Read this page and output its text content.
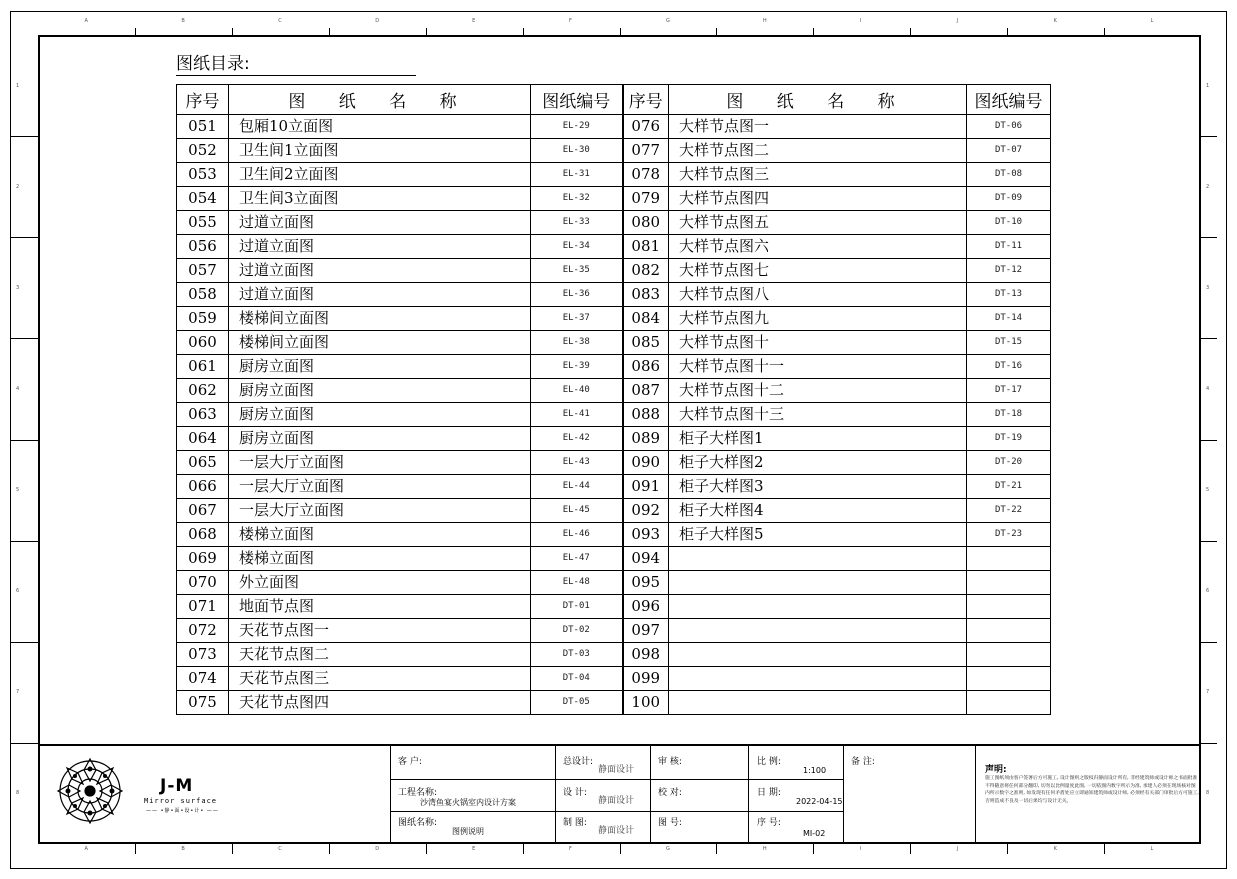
A
A
B
B
C
C
D
D
E
E
F
F
G
G
H
H
I
I
J
J
K
K
L
L
1	1
2	2
3	3
4	4
5	5
6	6
7	7
8	8
图纸目录:
序号	图 纸 名 称	图纸编号	序号	图 纸 名 称	图纸编号
051	包厢10立面图	EL-29	076	大样节点图一	DT-06
052	卫生间1立面图	EL-30	077	大样节点图二	DT-07
053	卫生间2立面图	EL-31	078	大样节点图三	DT-08
054	卫生间3立面图	EL-32	079	大样节点图四	DT-09
055	过道立面图	EL-33	080	大样节点图五	DT-10
056	过道立面图	EL-34	081	大样节点图六	DT-11
057	过道立面图	EL-35	082	大样节点图七	DT-12
058	过道立面图	EL-36	083	大样节点图八	DT-13
059	楼梯间立面图	EL-37	084	大样节点图九	DT-14
060	楼梯间立面图	EL-38	085	大样节点图十	DT-15
061	厨房立面图	EL-39	086	大样节点图十一	DT-16
062	厨房立面图	EL-40	087	大样节点图十二	DT-17
063	厨房立面图	EL-41	088	大样节点图十三	DT-18
064	厨房立面图	EL-42	089	柜子大样图1	DT-19
065	一层大厅立面图	EL-43	090	柜子大样图2	DT-20
066	一层大厅立面图	EL-44	091	柜子大样图3	DT-21
067	一层大厅立面图	EL-45	092	柜子大样图4	DT-22
068	楼梯立面图	EL-46	093	柜子大样图5	DT-23
069	楼梯立面图	EL-47	094		
070	外立面图	EL-48	095		
071	地面节点图	DT-01	096		
072	天花节点图一	DT-02	097		
073	天花节点图二	DT-03	098		
074	天花节点图三	DT-04	099		
075	天花节点图四	DT-05	100		
J-M
Mirror surface
—— •静•面•设•计• ——
客 户:
工程名称:
沙湾鱼宴火锅室内设计方案
图纸名称:
图例说明
总设计:
静面设计
设 计:
静面设计
制 图:
静面设计
审 核:
校 对:
图 号:
比 例:
1:100
日 期:
2022-04-15
序 号:
MI-02
备 注:
声明:
施工图纸须由客户签署后方可施工, 设计图则之版权归静面设计所有, 非经建筑师或设计师之书面批准不得随意将任何部分翻印, 切勿以比例量度此图, 一切依图内数字所示为准, 承建人必须在现场核对图内所示数字之准则, 如发现有任何矛盾处应立即通知建筑师或设计师, 必须经有关部门审批后方可施工, 否则造成不良及一切后果均与设计无关。
